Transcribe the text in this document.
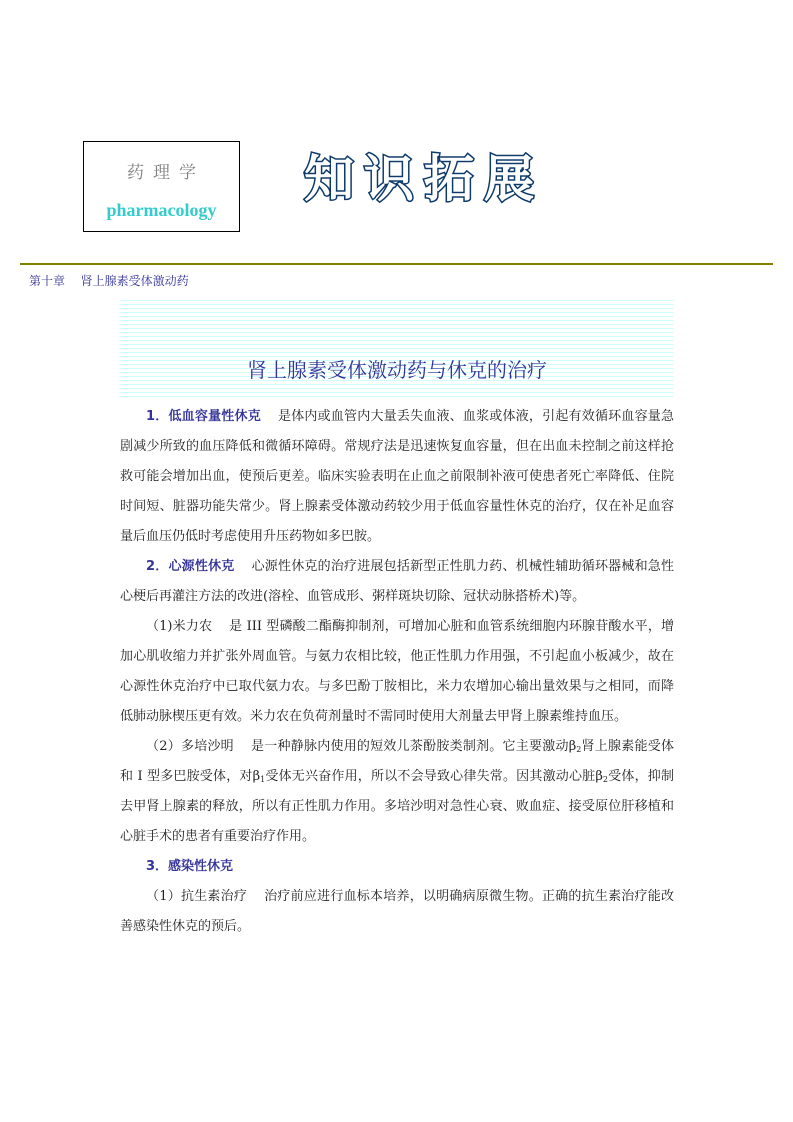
药理学
pharmacology
知识拓展
第十章 肾上腺素受体激动药
肾上腺素受体激动药与休克的治疗

1．低血容量性休克 是体内或血管内大量丢失血液、血浆或体液，引起有效循环血容量急剧减少所致的血压降低和微循环障碍。常规疗法是迅速恢复血容量，但在出血未控制之前这样抢救可能会增加出血，使预后更差。临床实验表明在止血之前限制补液可使患者死亡率降低、住院时间短、脏器功能失常少。肾上腺素受体激动药较少用于低血容量性休克的治疗，仅在补足血容量后血压仍低时考虑使用升压药物如多巴胺。

2．心源性休克 心源性休克的治疗进展包括新型正性肌力药、机械性辅助循环器械和急性心梗后再灌注方法的改进(溶栓、血管成形、粥样斑块切除、冠状动脉搭桥术)等。

（1)米力农 是 III 型磷酸二酯酶抑制剂，可增加心脏和血管系统细胞内环腺苷酸水平，增加心肌收缩力并扩张外周血管。与氨力农相比较，他正性肌力作用强，不引起血小板减少，故在心源性休克治疗中已取代氨力农。与多巴酚丁胺相比，米力农增加心输出量效果与之相同，而降低肺动脉楔压更有效。米力农在负荷剂量时不需同时使用大剂量去甲肾上腺素维持血压。

（2）多培沙明 是一种静脉内使用的短效儿茶酚胺类制剂。它主要激动$\beta_2$肾上腺素能受体和 I 型多巴胺受体，对$\beta_1$受体无兴奋作用，所以不会导致心律失常。因其激动心脏$\beta_2$受体，抑制去甲肾上腺素的释放，所以有正性肌力作用。多培沙明对急性心衰、败血症、接受原位肝移植和心脏手术的患者有重要治疗作用。

3．感染性休克

（1）抗生素治疗 治疗前应进行血标本培养，以明确病原微生物。正确的抗生素治疗能改善感染性休克的预后。
